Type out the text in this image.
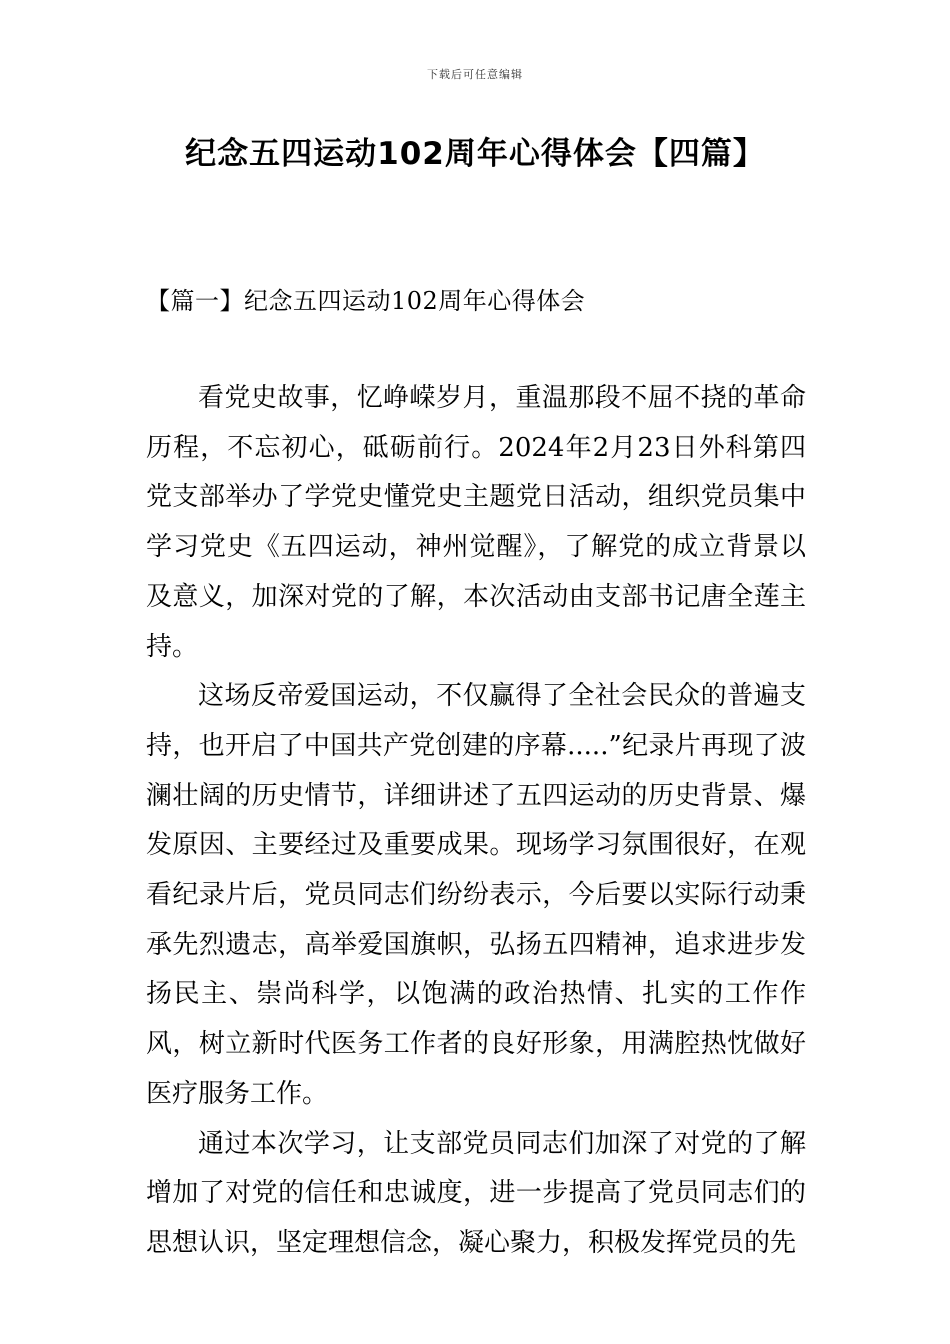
下载后可任意编辑
纪念五四运动102周年心得体会【四篇】
【篇一】纪念五四运动102周年心得体会

看党史故事，忆峥嵘岁月，重温那段不屈不挠的革命历程，不忘初心，砥砺前行。2024年2月23日外科第四党支部举办了学党史懂党史主题党日活动，组织党员集中学习党史《五四运动，神州觉醒》，了解党的成立背景以及意义，加深对党的了解，本次活动由支部书记唐全莲主持。

这场反帝爱国运动，不仅赢得了全社会民众的普遍支持，也开启了中国共产党创建的序幕.....”纪录片再现了波澜壮阔的历史情节，详细讲述了五四运动的历史背景、爆发原因、主要经过及重要成果。现场学习氛围很好，在观看纪录片后，党员同志们纷纷表示，今后要以实际行动秉承先烈遗志，高举爱国旗帜，弘扬五四精神，追求进步发扬民主、崇尚科学，以饱满的政治热情、扎实的工作作风，树立新时代医务工作者的良好形象，用满腔热忱做好医疗服务工作。

通过本次学习，让支部党员同志们加深了对党的了解增加了对党的信任和忠诚度，进一步提高了党员同志们的思想认识，坚定理想信念，凝心聚力，积极发挥党员的先
